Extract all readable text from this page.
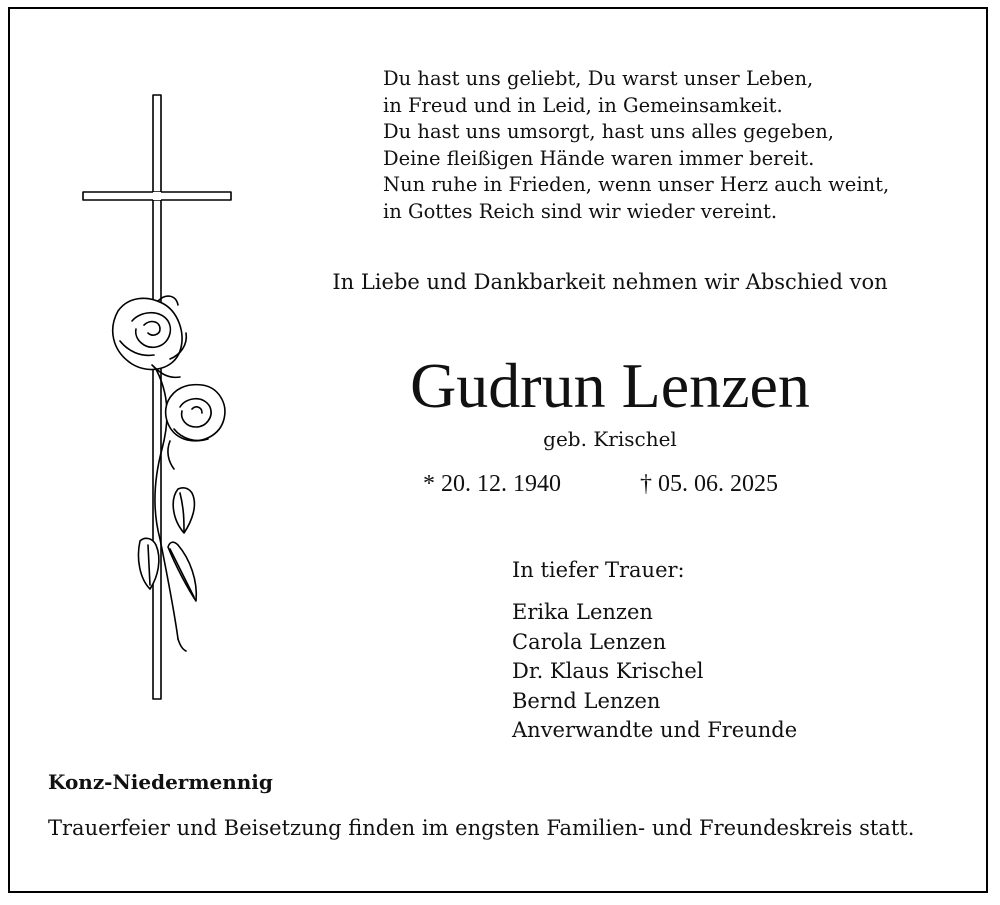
Du hast uns geliebt, Du warst unser Leben,
in Freud und in Leid, in Gemeinsamkeit.
Du hast uns umsorgt, hast uns alles gegeben,
Deine fleißigen Hände waren immer bereit.
Nun ruhe in Frieden, wenn unser Herz auch weint,
in Gottes Reich sind wir wieder vereint.
In Liebe und Dankbarkeit nehmen wir Abschied von
Gudrun Lenzen
geb. Krischel
* 20. 12. 1940	† 05. 06. 2025
In tiefer Trauer:
Erika Lenzen
Carola Lenzen
Dr. Klaus Krischel
Bernd Lenzen
Anverwandte und Freunde
Konz-Niedermennig
Trauerfeier und Beisetzung finden im engsten Familien- und Freundeskreis statt.
